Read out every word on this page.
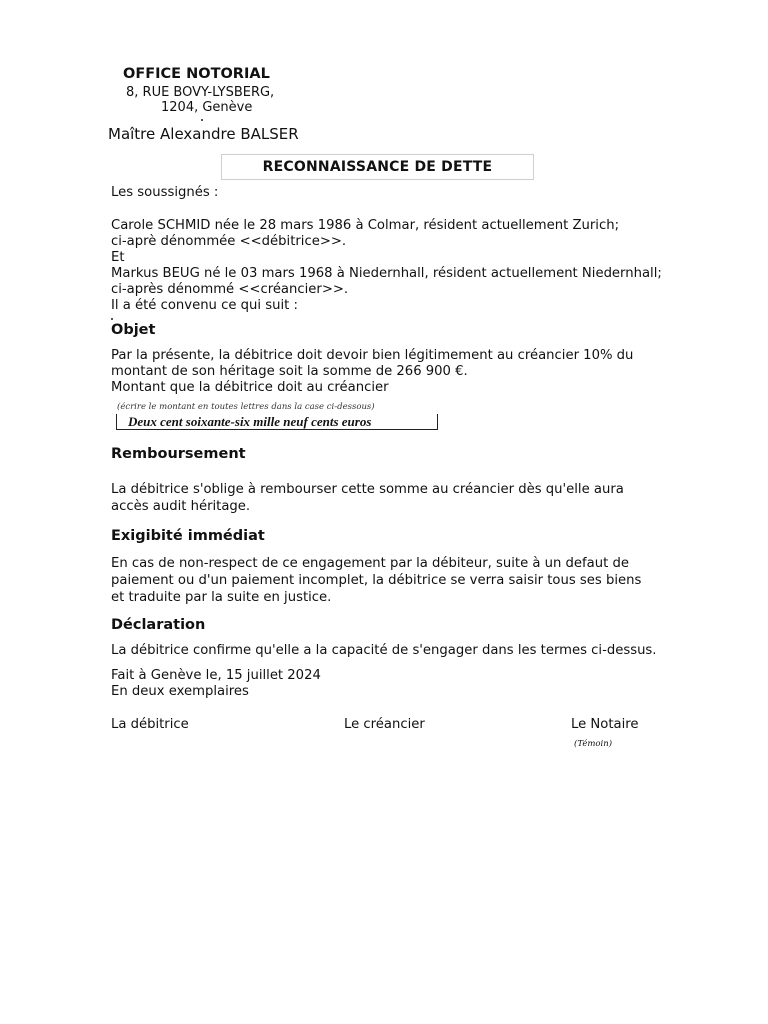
OFFICE NOTORIAL
8, RUE BOVY-LYSBERG,
1204, Genève
Maître Alexandre BALSER
RECONNAISSANCE DE DETTE
Les soussignés :
Carole SCHMID née le 28 mars 1986 à Colmar, résident actuellement Zurich;
ci-aprè dénommée <<débitrice>>.
Et
Markus BEUG né le 03 mars 1968 à Niedernhall, résident actuellement Niedernhall;
ci-après dénommé <<créancier>>.
Il a été convenu ce qui suit :
Objet
Par la présente, la débitrice doit devoir bien légitimement au créancier 10% du
montant de son héritage soit la somme de 266 900 €.
Montant que la débitrice doit au créancier
(écrire le montant en toutes lettres dans la case ci-dessous)
Deux cent soixante-six mille neuf cents euros
Remboursement
La débitrice s'oblige à rembourser cette somme au créancier dès qu'elle aura accès audit héritage.
Exigibité immédiat
En cas de non-respect de ce engagement par la débiteur, suite à un defaut de paiement ou d'un paiement incomplet, la débitrice se verra saisir tous ses biens et traduite par la suite en justice.
Déclaration
La débitrice confirme qu'elle a la capacité de s'engager dans les termes ci-dessus.
Fait à Genève le, 15 juillet 2024
En deux exemplaires
La débitrice	Le créancier	Le Notaire
(Témoin)
